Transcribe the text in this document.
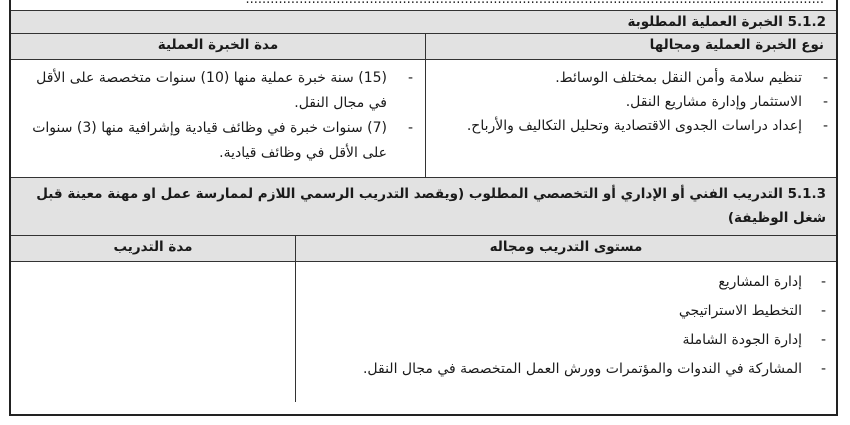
5.1.2 الخبرة العملية المطلوبة
نوع الخبرة العملية ومجالها
مدة الخبرة العملية
-
تنظيم سلامة وأمن النقل بمختلف الوسائط.
-
الاستثمار وإدارة مشاريع النقل.
-
إعداد دراسات الجدوى الاقتصادية وتحليل التكاليف والأرباح.
-
(15) سنة خبرة عملية منها (10) سنوات متخصصة على الأقل في مجال النقل.
-
(7) سنوات خبرة في وظائف قيادية وإشرافية منها (3) سنوات على الأقل في وظائف قيادية.
5.1.3 التدريب الفني أو الإداري أو التخصصي المطلوب (ويقصد التدريب الرسمي اللازم لممارسة عمل او مهنة معينة قبل شغل الوظيفة)
مستوى التدريب ومجاله
مدة التدريب
-
إدارة المشاريع
-
التخطيط الاستراتيجي
-
إدارة الجودة الشاملة
-
المشاركة في الندوات والمؤتمرات وورش العمل المتخصصة في مجال النقل.
